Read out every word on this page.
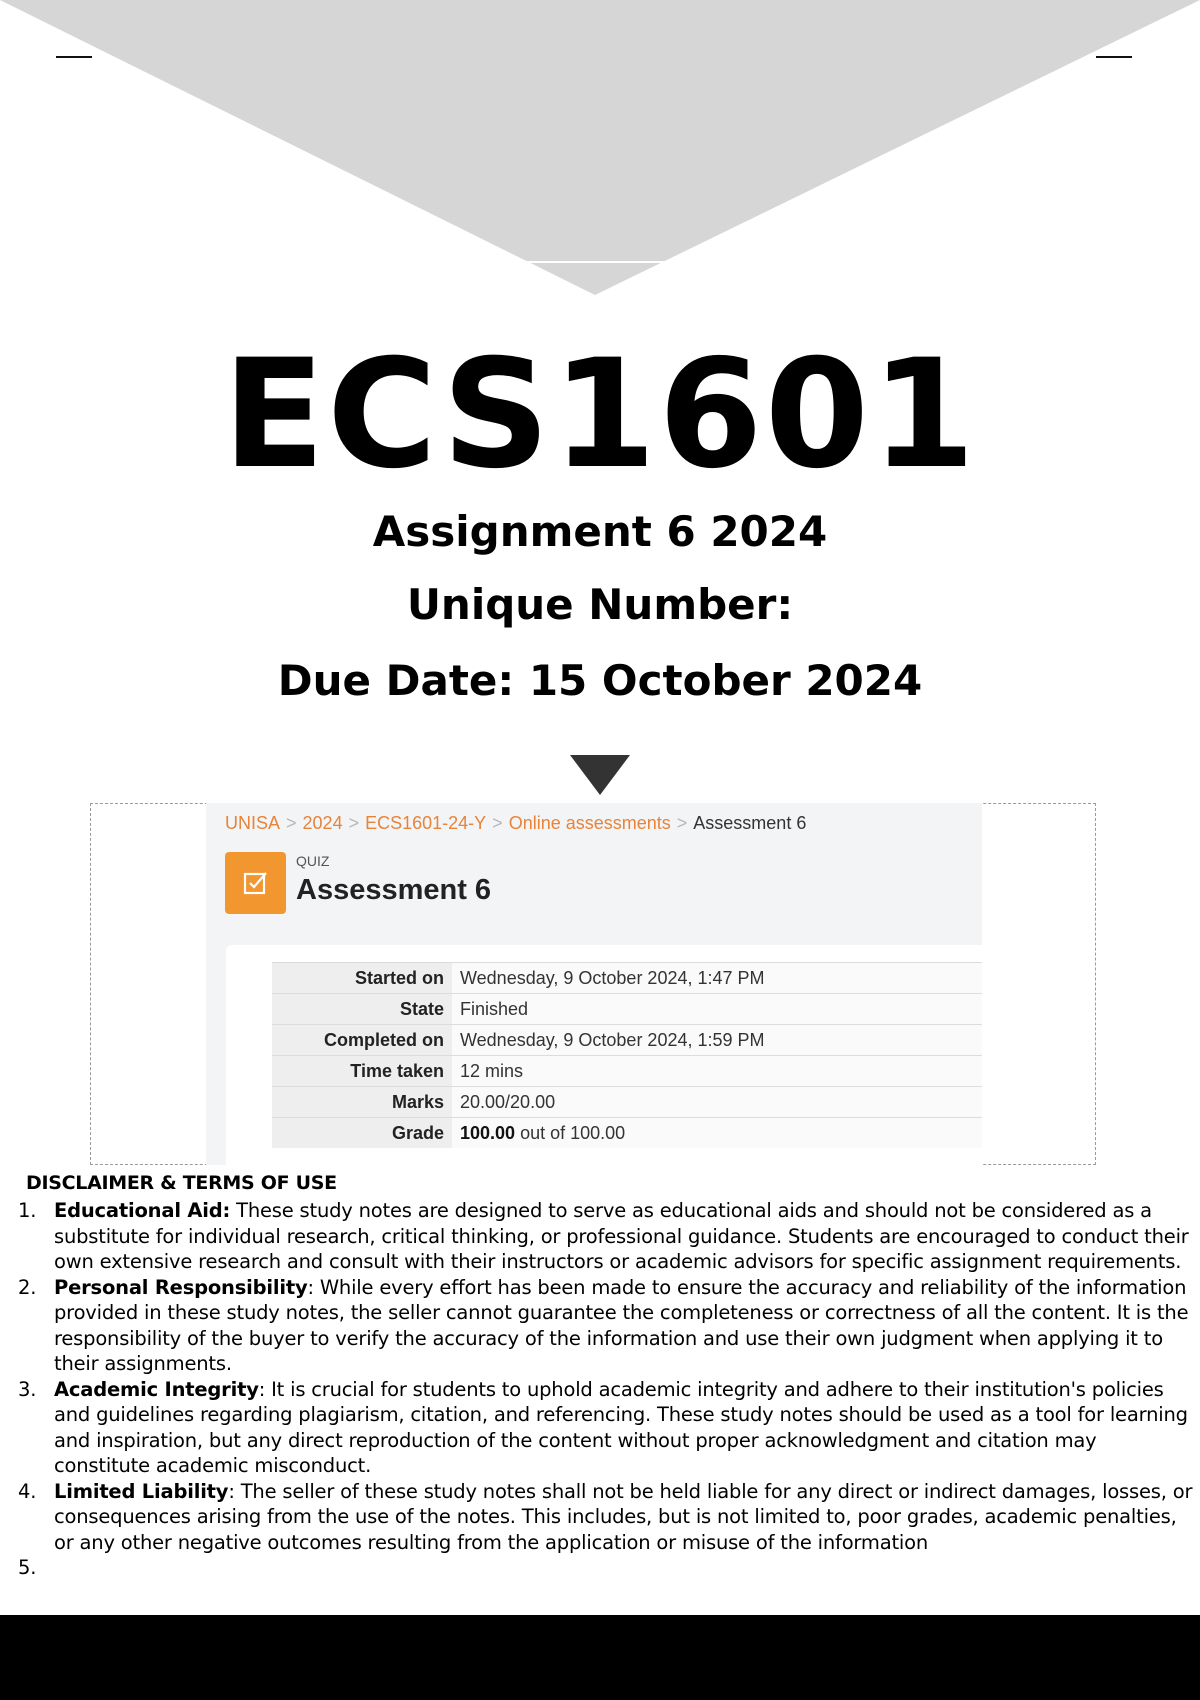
ECS1601
Assignment 6 2024
Unique Number:
Due Date: 15 October 2024
UNISA > 2024 > ECS1601-24-Y > Online assessments > Assessment 6
QUIZ
Assessment 6
Started on	Wednesday, 9 October 2024, 1:47 PM
State	Finished
Completed on	Wednesday, 9 October 2024, 1:59 PM
Time taken	12 mins
Marks	20.00/20.00
Grade	100.00 out of 100.00
DISCLAIMER & TERMS OF USE
1. Educational Aid: These study notes are designed to serve as educational aids and should not be considered as a substitute for individual research, critical thinking, or professional guidance. Students are encouraged to conduct their own extensive research and consult with their instructors or academic advisors for specific assignment requirements.
2. Personal Responsibility: While every effort has been made to ensure the accuracy and reliability of the information provided in these study notes, the seller cannot guarantee the completeness or correctness of all the content. It is the responsibility of the buyer to verify the accuracy of the information and use their own judgment when applying it to their assignments.
3. Academic Integrity: It is crucial for students to uphold academic integrity and adhere to their institution's policies and guidelines regarding plagiarism, citation, and referencing. These study notes should be used as a tool for learning and inspiration, but any direct reproduction of the content without proper acknowledgment and citation may constitute academic misconduct.
4. Limited Liability: The seller of these study notes shall not be held liable for any direct or indirect damages, losses, or consequences arising from the use of the notes. This includes, but is not limited to, poor grades, academic penalties, or any other negative outcomes resulting from the application or misuse of the information
5.
